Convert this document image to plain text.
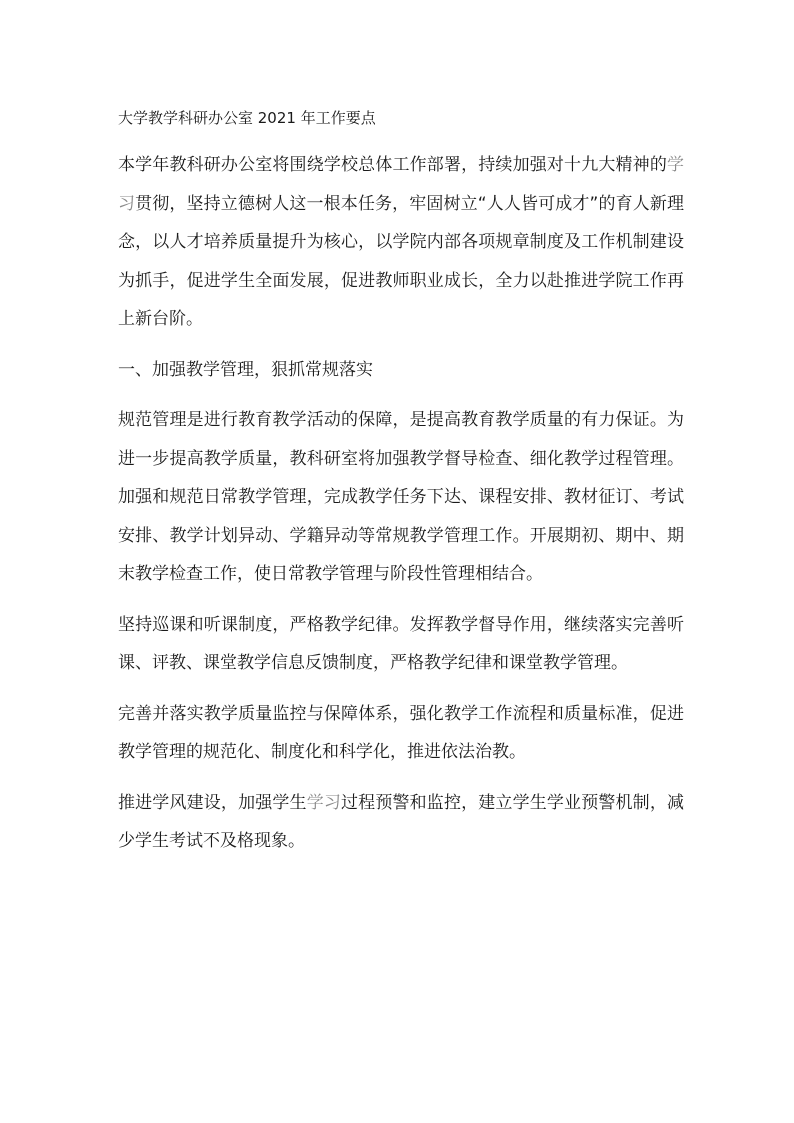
大学教学科研办公室 2021 年工作要点

本学年教科研办公室将围绕学校总体工作部署，持续加强对十九大精神的学习贯彻，坚持立德树人这一根本任务，牢固树立“人人皆可成才”的育人新理念，以人才培养质量提升为核心，以学院内部各项规章制度及工作机制建设为抓手，促进学生全面发展，促进教师职业成长，全力以赴推进学院工作再上新台阶。

一、加强教学管理，狠抓常规落实

规范管理是进行教育教学活动的保障，是提高教育教学质量的有力保证。为进一步提高教学质量，教科研室将加强教学督导检查、细化教学过程管理。加强和规范日常教学管理，完成教学任务下达、课程安排、教材征订、考试安排、教学计划异动、学籍异动等常规教学管理工作。开展期初、期中、期末教学检查工作，使日常教学管理与阶段性管理相结合。

坚持巡课和听课制度，严格教学纪律。发挥教学督导作用，继续落实完善听课、评教、课堂教学信息反馈制度，严格教学纪律和课堂教学管理。

完善并落实教学质量监控与保障体系，强化教学工作流程和质量标准，促进教学管理的规范化、制度化和科学化，推进依法治教。

推进学风建设，加强学生学习过程预警和监控，建立学生学业预警机制，减少学生考试不及格现象。
